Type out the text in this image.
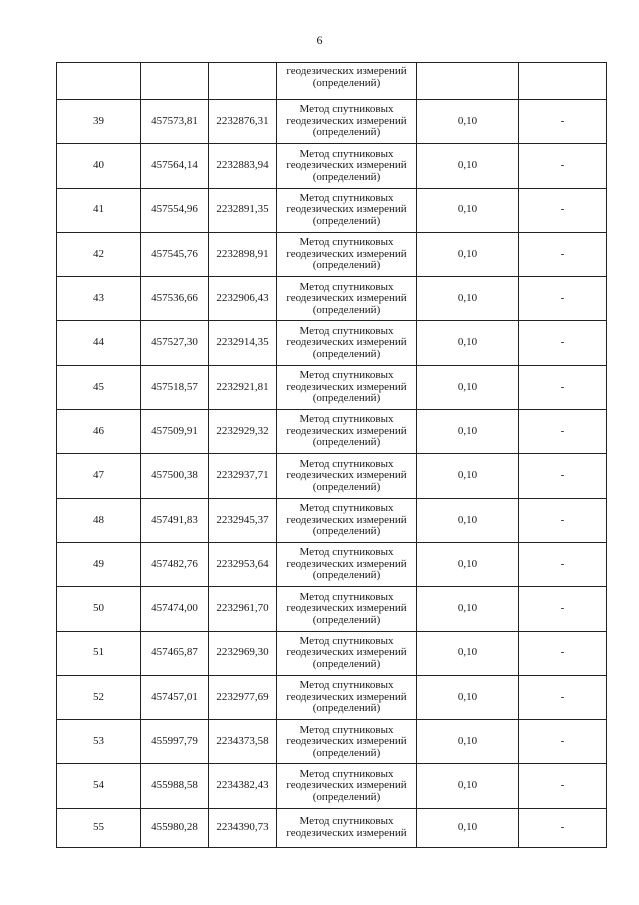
6
			геодезических измерений
(определений)		
39	457573,81	2232876,31	Метод спутниковых
геодезических измерений
(определений)	0,10	-
40	457564,14	2232883,94	Метод спутниковых
геодезических измерений
(определений)	0,10	-
41	457554,96	2232891,35	Метод спутниковых
геодезических измерений
(определений)	0,10	-
42	457545,76	2232898,91	Метод спутниковых
геодезических измерений
(определений)	0,10	-
43	457536,66	2232906,43	Метод спутниковых
геодезических измерений
(определений)	0,10	-
44	457527,30	2232914,35	Метод спутниковых
геодезических измерений
(определений)	0,10	-
45	457518,57	2232921,81	Метод спутниковых
геодезических измерений
(определений)	0,10	-
46	457509,91	2232929,32	Метод спутниковых
геодезических измерений
(определений)	0,10	-
47	457500,38	2232937,71	Метод спутниковых
геодезических измерений
(определений)	0,10	-
48	457491,83	2232945,37	Метод спутниковых
геодезических измерений
(определений)	0,10	-
49	457482,76	2232953,64	Метод спутниковых
геодезических измерений
(определений)	0,10	-
50	457474,00	2232961,70	Метод спутниковых
геодезических измерений
(определений)	0,10	-
51	457465,87	2232969,30	Метод спутниковых
геодезических измерений
(определений)	0,10	-
52	457457,01	2232977,69	Метод спутниковых
геодезических измерений
(определений)	0,10	-
53	455997,79	2234373,58	Метод спутниковых
геодезических измерений
(определений)	0,10	-
54	455988,58	2234382,43	Метод спутниковых
геодезических измерений
(определений)	0,10	-
55	455980,28	2234390,73	Метод спутниковых
геодезических измерений	0,10	-
